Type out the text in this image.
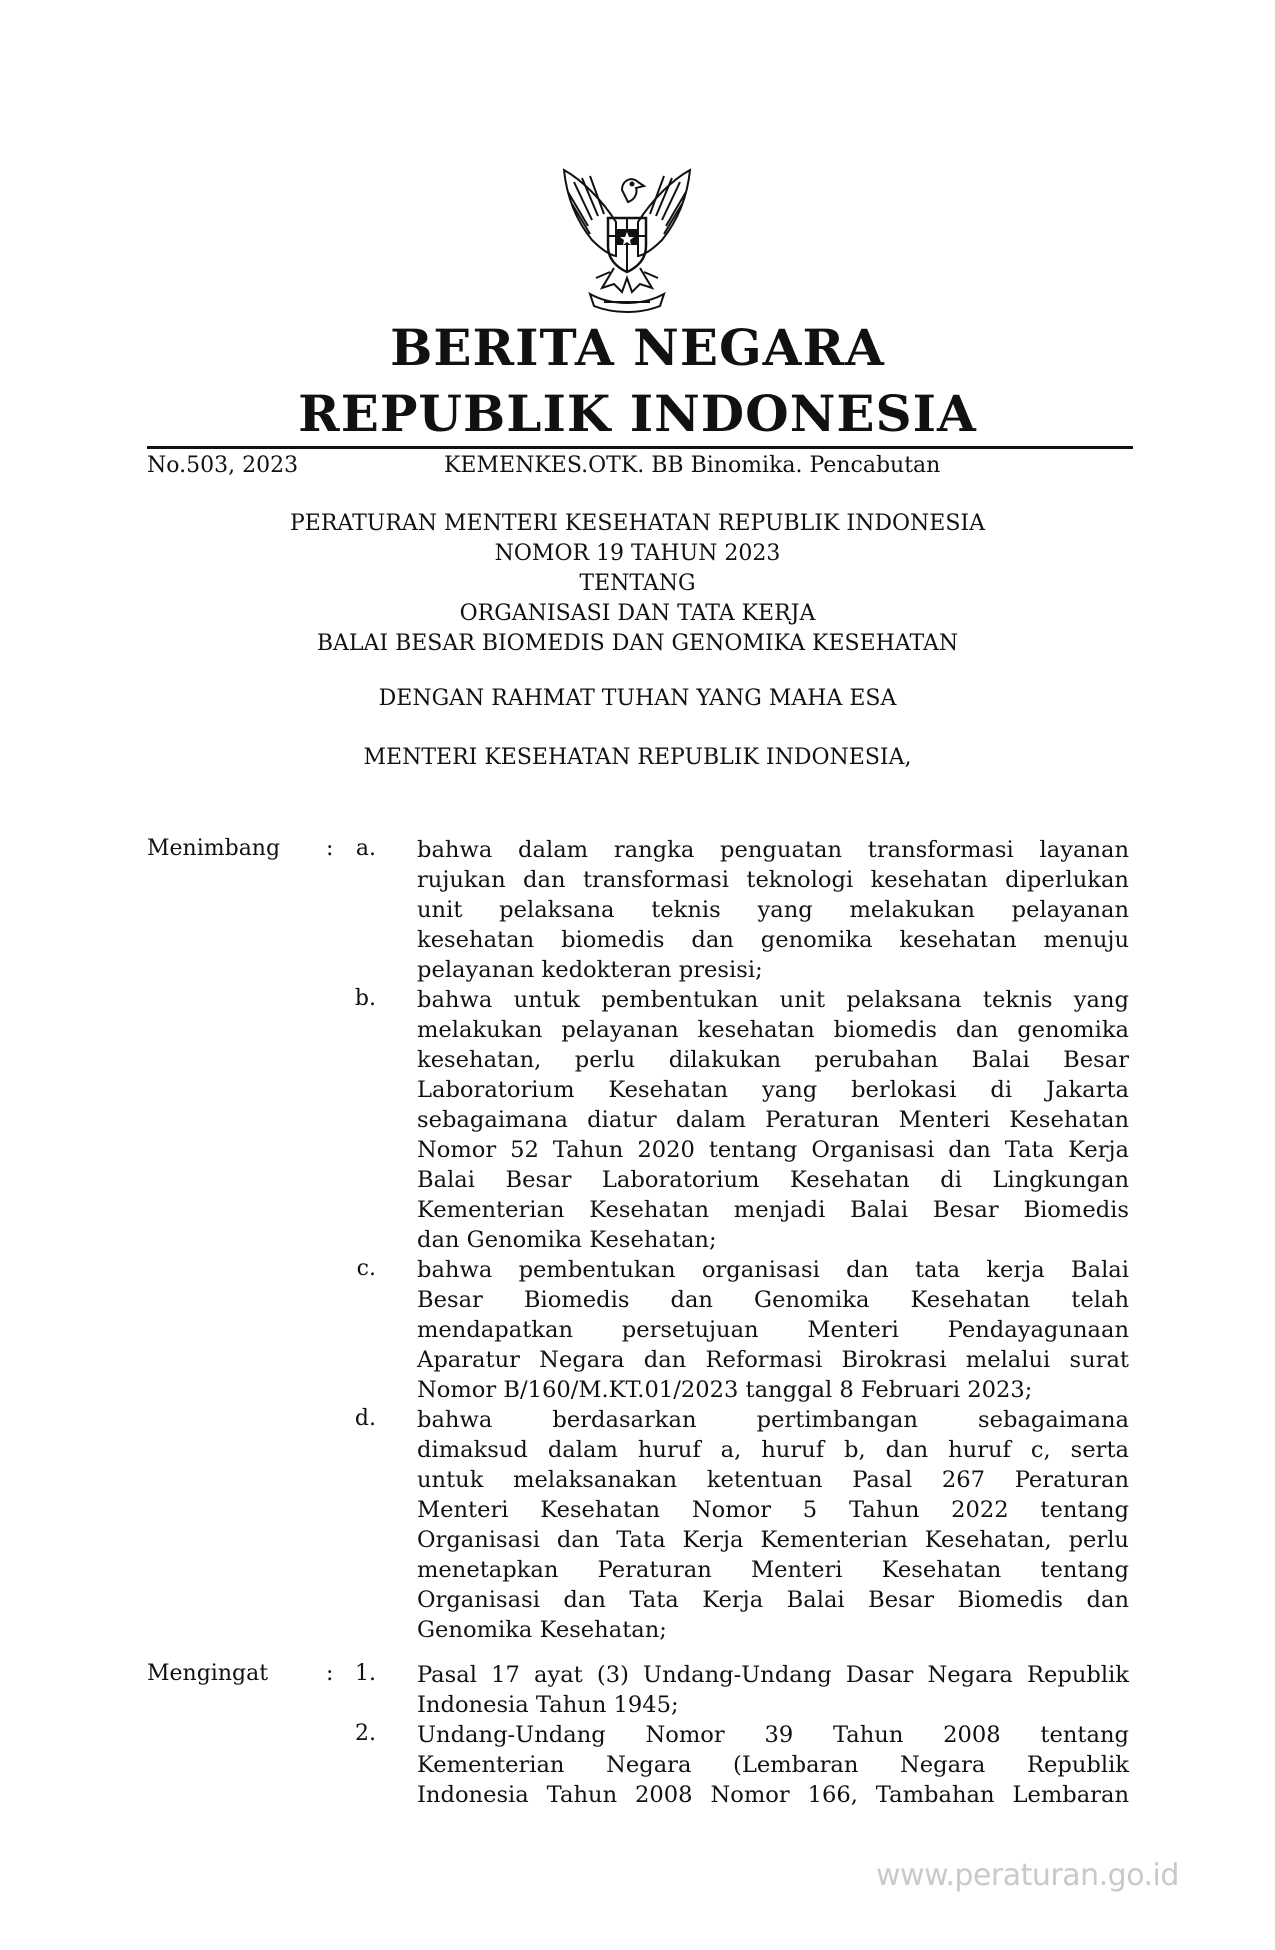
BERITA NEGARA
REPUBLIK INDONESIA
No.503, 2023	KEMENKES.OTK. BB Binomika. Pencabutan
PERATURAN MENTERI KESEHATAN REPUBLIK INDONESIA
NOMOR 19 TAHUN 2023
TENTANG
ORGANISASI DAN TATA KERJA
BALAI BESAR BIOMEDIS DAN GENOMIKA KESEHATAN
DENGAN RAHMAT TUHAN YANG MAHA ESA
MENTERI KESEHATAN REPUBLIK INDONESIA,
Menimbang :	a. bahwa dalam rangka penguatan transformasi layanan
rujukan dan transformasi teknologi kesehatan diperlukan
unit pelaksana teknis yang melakukan pelayanan
kesehatan biomedis dan genomika kesehatan menuju
pelayanan kedokteran presisi;
b. bahwa untuk pembentukan unit pelaksana teknis yang
melakukan pelayanan kesehatan biomedis dan genomika
kesehatan, perlu dilakukan perubahan Balai Besar
Laboratorium Kesehatan yang berlokasi di Jakarta
sebagaimana diatur dalam Peraturan Menteri Kesehatan
Nomor 52 Tahun 2020 tentang Organisasi dan Tata Kerja
Balai Besar Laboratorium Kesehatan di Lingkungan
Kementerian Kesehatan menjadi Balai Besar Biomedis
dan Genomika Kesehatan;
c. bahwa pembentukan organisasi dan tata kerja Balai
Besar Biomedis dan Genomika Kesehatan telah
mendapatkan persetujuan Menteri Pendayagunaan
Aparatur Negara dan Reformasi Birokrasi melalui surat
Nomor B/160/M.KT.01/2023 tanggal 8 Februari 2023;
d. bahwa berdasarkan pertimbangan sebagaimana
dimaksud dalam huruf a, huruf b, dan huruf c, serta
untuk melaksanakan ketentuan Pasal 267 Peraturan
Menteri Kesehatan Nomor 5 Tahun 2022 tentang
Organisasi dan Tata Kerja Kementerian Kesehatan, perlu
menetapkan Peraturan Menteri Kesehatan tentang
Organisasi dan Tata Kerja Balai Besar Biomedis dan
Genomika Kesehatan;
Mengingat	: 1. Pasal 17 ayat (3) Undang-Undang Dasar Negara Republik
Indonesia Tahun 1945;
2. Undang-Undang Nomor 39 Tahun 2008 tentang
Kementerian Negara (Lembaran Negara Republik
Indonesia Tahun 2008 Nomor 166, Tambahan Lembaran
www.peraturan.go.id
